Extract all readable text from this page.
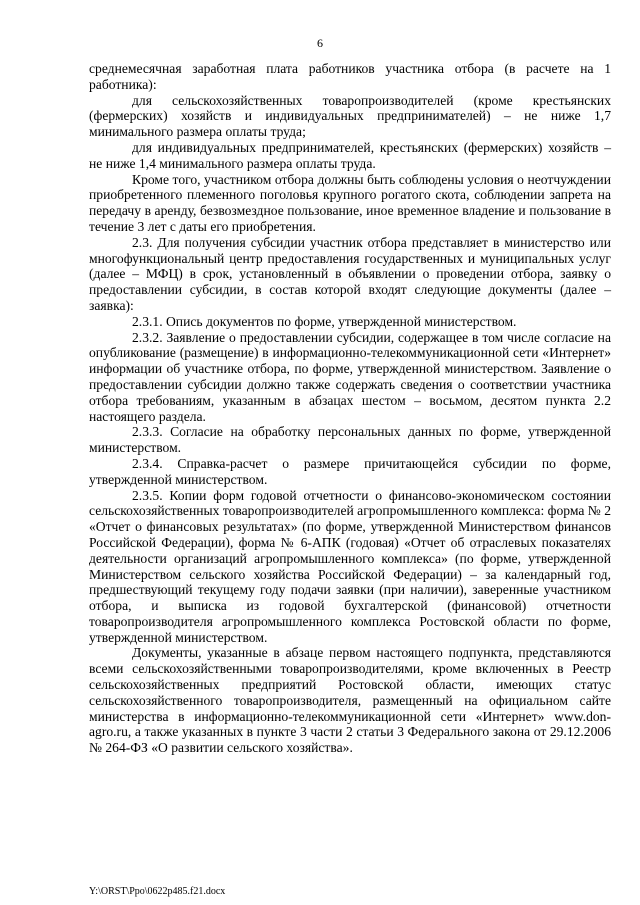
6

среднемесячная заработная плата работников участника отбора (в расчете на 1 работника):

для сельскохозяйственных товаропроизводителей (кроме крестьянских (фермерских) хозяйств и индивидуальных предпринимателей) – не ниже 1,7 минимального размера оплаты труда;

для индивидуальных предпринимателей, крестьянских (фермерских) хозяйств – не ниже 1,4 минимального размера оплаты труда.

Кроме того, участником отбора должны быть соблюдены условия о неотчуждении приобретенного племенного поголовья крупного рогатого скота, соблюдении запрета на передачу в аренду, безвозмездное пользование, иное временное владение и пользование в течение 3 лет с даты его приобретения.

2.3. Для получения субсидии участник отбора представляет в министерство или многофункциональный центр предоставления государственных и муниципальных услуг (далее – МФЦ) в срок, установленный в объявлении о проведении отбора, заявку о предоставлении субсидии, в состав которой входят следующие документы (далее – заявка):

2.3.1. Опись документов по форме, утвержденной министерством.

2.3.2. Заявление о предоставлении субсидии, содержащее в том числе согласие на опубликование (размещение) в информационно-телекоммуникационной сети «Интернет» информации об участнике отбора, по форме, утвержденной министерством. Заявление о предоставлении субсидии должно также содержать сведения о соответствии участника отбора требованиям, указанным в абзацах шестом – восьмом, десятом пункта 2.2 настоящего раздела.

2.3.3. Согласие на обработку персональных данных по форме, утвержденной министерством.

2.3.4. Справка-расчет о размере причитающейся субсидии по форме, утвержденной министерством.

2.3.5. Копии форм годовой отчетности о финансово-экономическом состоянии сельскохозяйственных товаропроизводителей агропромышленного комплекса: форма № 2 «Отчет о финансовых результатах» (по форме, утвержденной Министерством финансов Российской Федерации), форма № 6-АПК (годовая) «Отчет об отраслевых показателях деятельности организаций агропромышленного комплекса» (по форме, утвержденной Министерством сельского хозяйства Российской Федерации) – за календарный год, предшествующий текущему году подачи заявки (при наличии), заверенные участником отбора, и выписка из годовой бухгалтерской (финансовой) отчетности товаропроизводителя агропромышленного комплекса Ростовской области по форме, утвержденной министерством.

Документы, указанные в абзаце первом настоящего подпункта, представляются всеми сельскохозяйственными товаропроизводителями, кроме включенных в Реестр сельскохозяйственных предприятий Ростовской области, имеющих статус сельскохозяйственного товаропроизводителя, размещенный на официальном сайте министерства в информационно-телекоммуникационной сети «Интернет» www.don-agro.ru, а также указанных в пункте 3 части 2 статьи 3 Федерального закона от 29.12.2006 № 264-ФЗ «О развитии сельского хозяйства».

Y:\ORST\Ppo\0622p485.f21.docx
